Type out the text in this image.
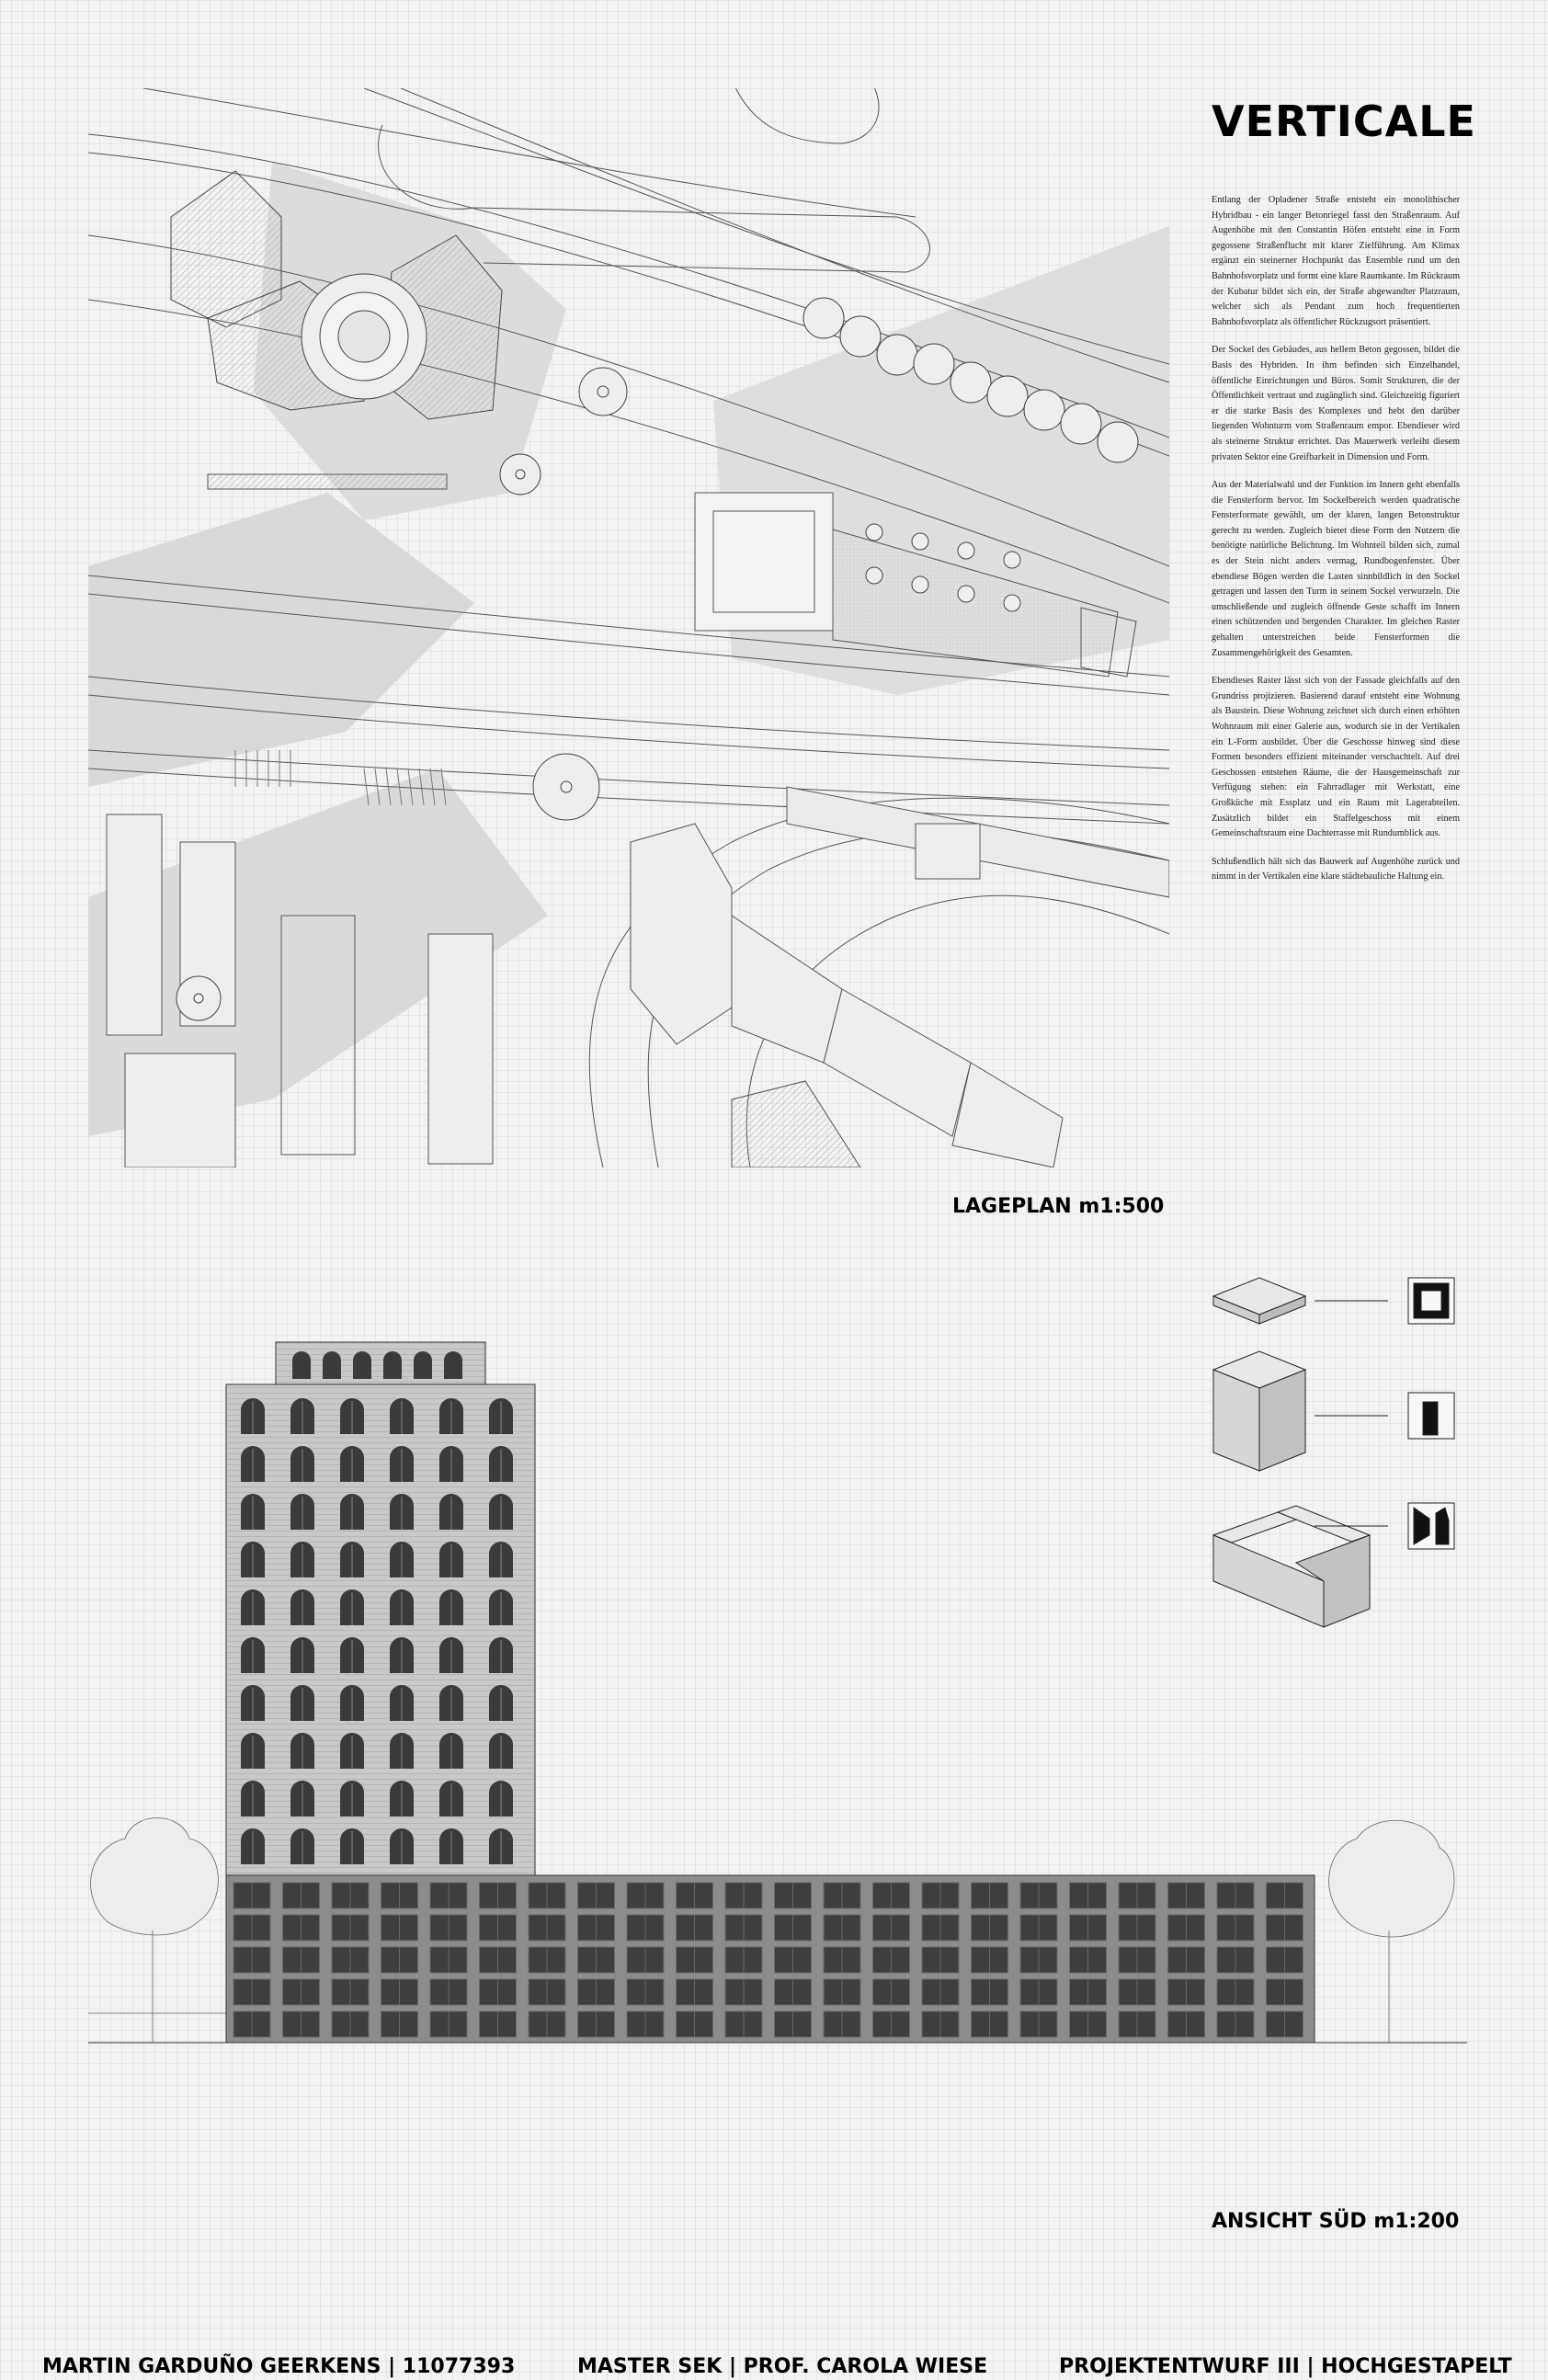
VERTICALE

Entlang der Opladener Straße entsteht ein monolithischer Hybridbau - ein langer Betonriegel fasst den Straßenraum. Auf Augenhöhe mit den Constantin Höfen entsteht eine in Form gegossene Straßenflucht mit klarer Zielführung. Am Klimax ergänzt ein steinerner Hochpunkt das Ensemble rund um den Bahnhofsvorplatz und formt eine klare Raumkante. Im Rückraum der Kubatur bildet sich ein, der Straße abgewandter Platzraum, welcher sich als Pendant zum hoch frequentierten Bahnhofsvorplatz als öffentlicher Rückzugsort präsentiert.

Der Sockel des Gebäudes, aus hellem Beton gegossen, bildet die Basis des Hybriden. In ihm befinden sich Einzelhandel, öffentliche Einrichtungen und Büros. Somit Strukturen, die der Öffentlichkeit vertraut und zugänglich sind. Gleichzeitig figuriert er die starke Basis des Komplexes und hebt den darüber liegenden Wohnturm vom Straßenraum empor. Ebendieser wird als steinerne Struktur errichtet. Das Mauerwerk verleiht diesem privaten Sektor eine Greifbarkeit in Dimension und Form.

Aus der Materialwahl und der Funktion im Innern geht ebenfalls die Fensterform hervor. Im Sockelbereich werden quadratische Fensterformate gewählt, um der klaren, langen Betonstruktur gerecht zu werden. Zugleich bietet diese Form den Nutzern die benötigte natürliche Belichtung. Im Wohnteil bilden sich, zumal es der Stein nicht anders vermag, Rundbogenfenster. Über ebendiese Bögen werden die Lasten sinnbildlich in den Sockel getragen und lassen den Turm in seinem Sockel verwurzeln. Die umschließende und zugleich öffnende Geste schafft im Innern einen schützenden und bergenden Charakter. Im gleichen Raster gehalten unterstreichen beide Fensterformen die Zusammengehörigkeit des Gesamten.

Ebendieses Raster lässt sich von der Fassade gleichfalls auf den Grundriss projizieren. Basierend darauf entsteht eine Wohnung als Baustein. Diese Wohnung zeichnet sich durch einen erhöhten Wohnraum mit einer Galerie aus, wodurch sie in der Vertikalen ein L-Form ausbildet. Über die Geschosse hinweg sind diese Formen besonders effizient miteinander verschachtelt. Auf drei Geschossen entstehen Räume, die der Hausgemeinschaft zur Verfügung stehen: ein Fahrradlager mit Werkstatt, eine Großküche mit Essplatz und ein Raum mit Lagerabteilen. Zusätzlich bildet ein Staffelgeschoss mit einem Gemeinschaftsraum eine Dachterrasse mit Rundumblick aus.

Schlußendlich hält sich das Bauwerk auf Augenhöhe zurück und nimmt in der Vertikalen eine klare städtebauliche Haltung ein.

LAGEPLAN m1:500
ANSICHT SÜD m1:200
MARTIN GARDUÑO GEERKENS | 11077393	MASTER SEK | PROF. CAROLA WIESE	PROJEKTENTWURF III | HOCHGESTAPELT
